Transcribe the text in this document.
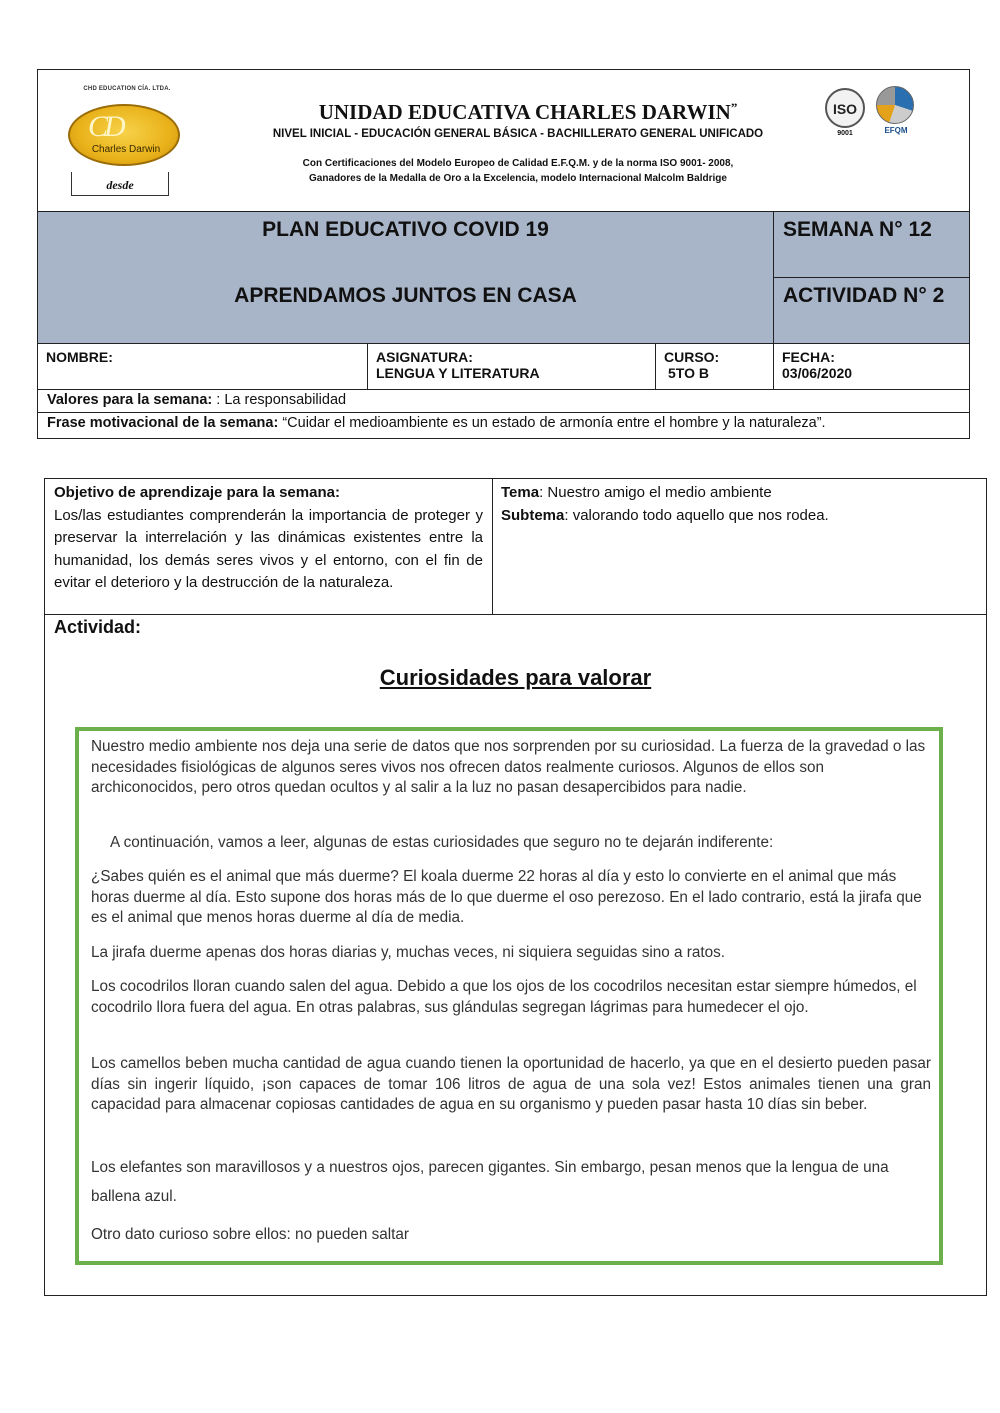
CHD EDUCATION CÍA. LTDA.
CD
Charles Darwin
desde
UNIDAD EDUCATIVA CHARLES DARWIN”
NIVEL INICIAL - EDUCACIÓN GENERAL BÁSICA - BACHILLERATO GENERAL UNIFICADO
Con Certificaciones del Modelo Europeo de Calidad E.F.Q.M. y de la norma ISO 9001- 2008,
Ganadores de la Medalla de Oro a la Excelencia, modelo Internacional Malcolm Baldrige
ISO
9001	EFQM
PLAN EDUCATIVO COVID 19
APRENDAMOS JUNTOS EN CASA
SEMANA N° 12
ACTIVIDAD N° 2
NOMBRE:	ASIGNATURA:
LENGUA Y LITERATURA
CURSO:
5TO B
FECHA:
03/06/2020
Valores para la semana: : La responsabilidad
Frase motivacional de la semana: “Cuidar el medioambiente es un estado de armonía entre el hombre y la naturaleza”.
Objetivo de aprendizaje para la semana:
Los/las estudiantes comprenderán la importancia de proteger y preservar la interrelación y las dinámicas existentes entre la humanidad, los demás seres vivos y el entorno, con el fin de evitar el deterioro y la destrucción de la naturaleza.
Tema: Nuestro amigo el medio ambiente
Subtema: valorando todo aquello que nos rodea.
Actividad:
Curiosidades para valorar
Nuestro medio ambiente nos deja una serie de datos que nos sorprenden por su curiosidad. La fuerza de la gravedad o las necesidades fisiológicas de algunos seres vivos nos ofrecen datos realmente curiosos. Algunos de ellos son archiconocidos, pero otros quedan ocultos y al salir a la luz no pasan desapercibidos para nadie.
A continuación, vamos a leer, algunas de estas curiosidades que seguro no te dejarán indiferente:
¿Sabes quién es el animal que más duerme? El koala duerme 22 horas al día y esto lo convierte en el animal que más horas duerme al día. Esto supone dos horas más de lo que duerme el oso perezoso. En el lado contrario, está la jirafa que es el animal que menos horas duerme al día de media.
La jirafa duerme apenas dos horas diarias y, muchas veces, ni siquiera seguidas sino a ratos.
Los cocodrilos lloran cuando salen del agua. Debido a que los ojos de los cocodrilos necesitan estar siempre húmedos, el cocodrilo llora fuera del agua. En otras palabras, sus glándulas segregan lágrimas para humedecer el ojo.
Los camellos beben mucha cantidad de agua cuando tienen la oportunidad de hacerlo, ya que en el desierto pueden pasar días sin ingerir líquido, ¡son capaces de tomar 106 litros de agua de una sola vez! Estos animales tienen una gran capacidad para almacenar copiosas cantidades de agua en su organismo y pueden pasar hasta 10 días sin beber.
Los elefantes son maravillosos y a nuestros ojos, parecen gigantes. Sin embargo, pesan menos que la lengua de una ballena azul.
Otro dato curioso sobre ellos: no pueden saltar
